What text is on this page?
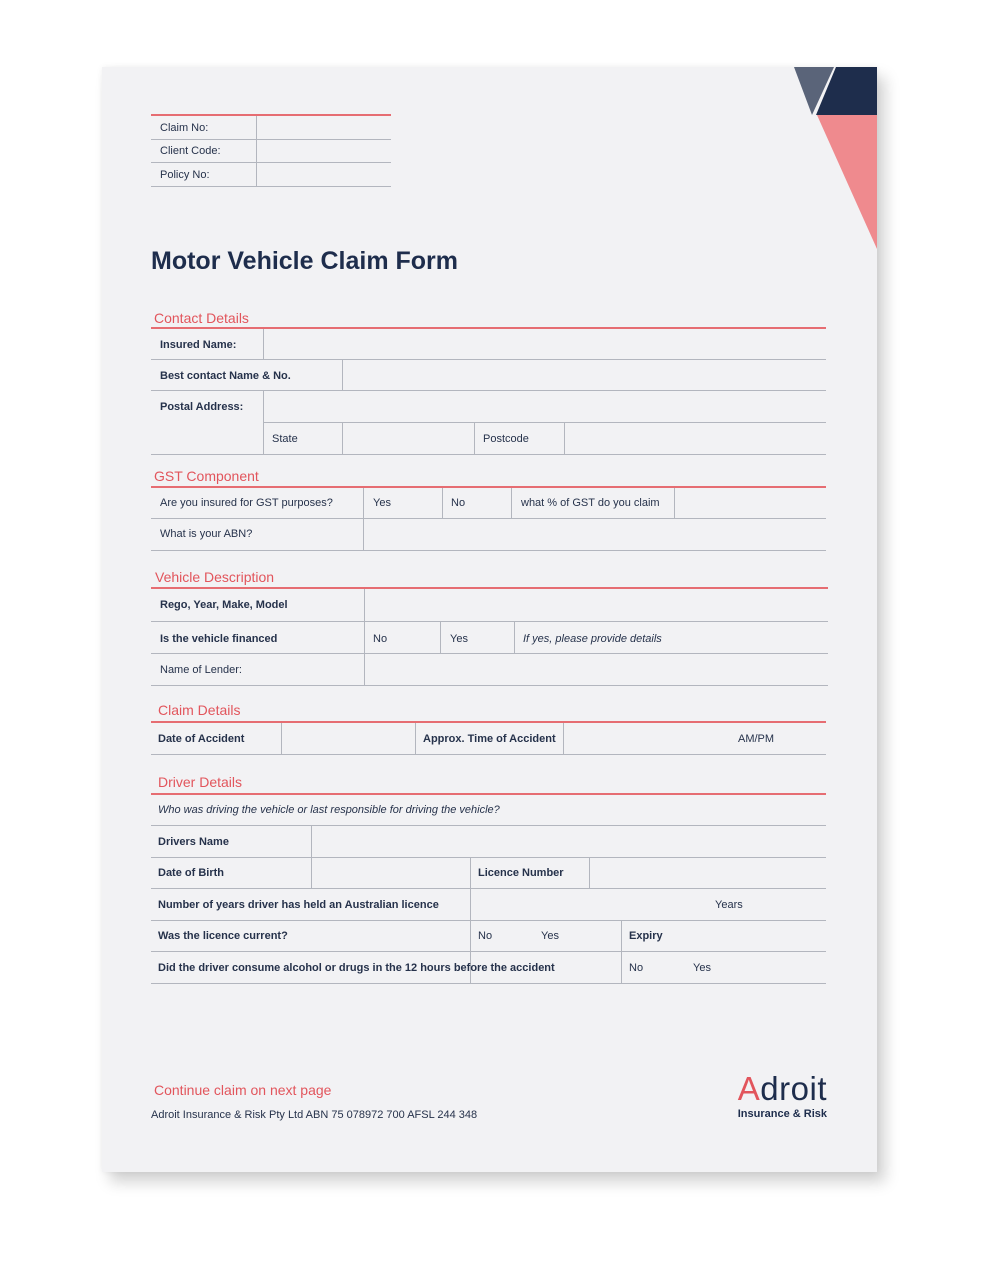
Claim No:
Client Code:
Policy No:
Motor Vehicle Claim Form
Contact Details
Insured Name:
Best contact Name & No.
Postal Address:
State	Postcode
GST Component
Are you insured for GST purposes?	Yes	No	what % of GST do you claim
What is your ABN?
Vehicle Description
Rego, Year, Make, Model
Is the vehicle financed	No	Yes	If yes, please provide details
Name of Lender:
Claim Details
Date of Accident	Approx. Time of Accident	AM/PM
Driver Details
Who was driving the vehicle or last responsible for driving the vehicle?
Drivers Name
Date of Birth	Licence Number
Number of years driver has held an Australian licence	Years
Was the licence current?	No	Yes	Expiry
Did the driver consume alcohol or drugs in the 12 hours before the accident	No	Yes
Continue claim on next page
Adroit Insurance & Risk Pty Ltd ABN 75 078972 700 AFSL 244 348
Adroit
Insurance & Risk
